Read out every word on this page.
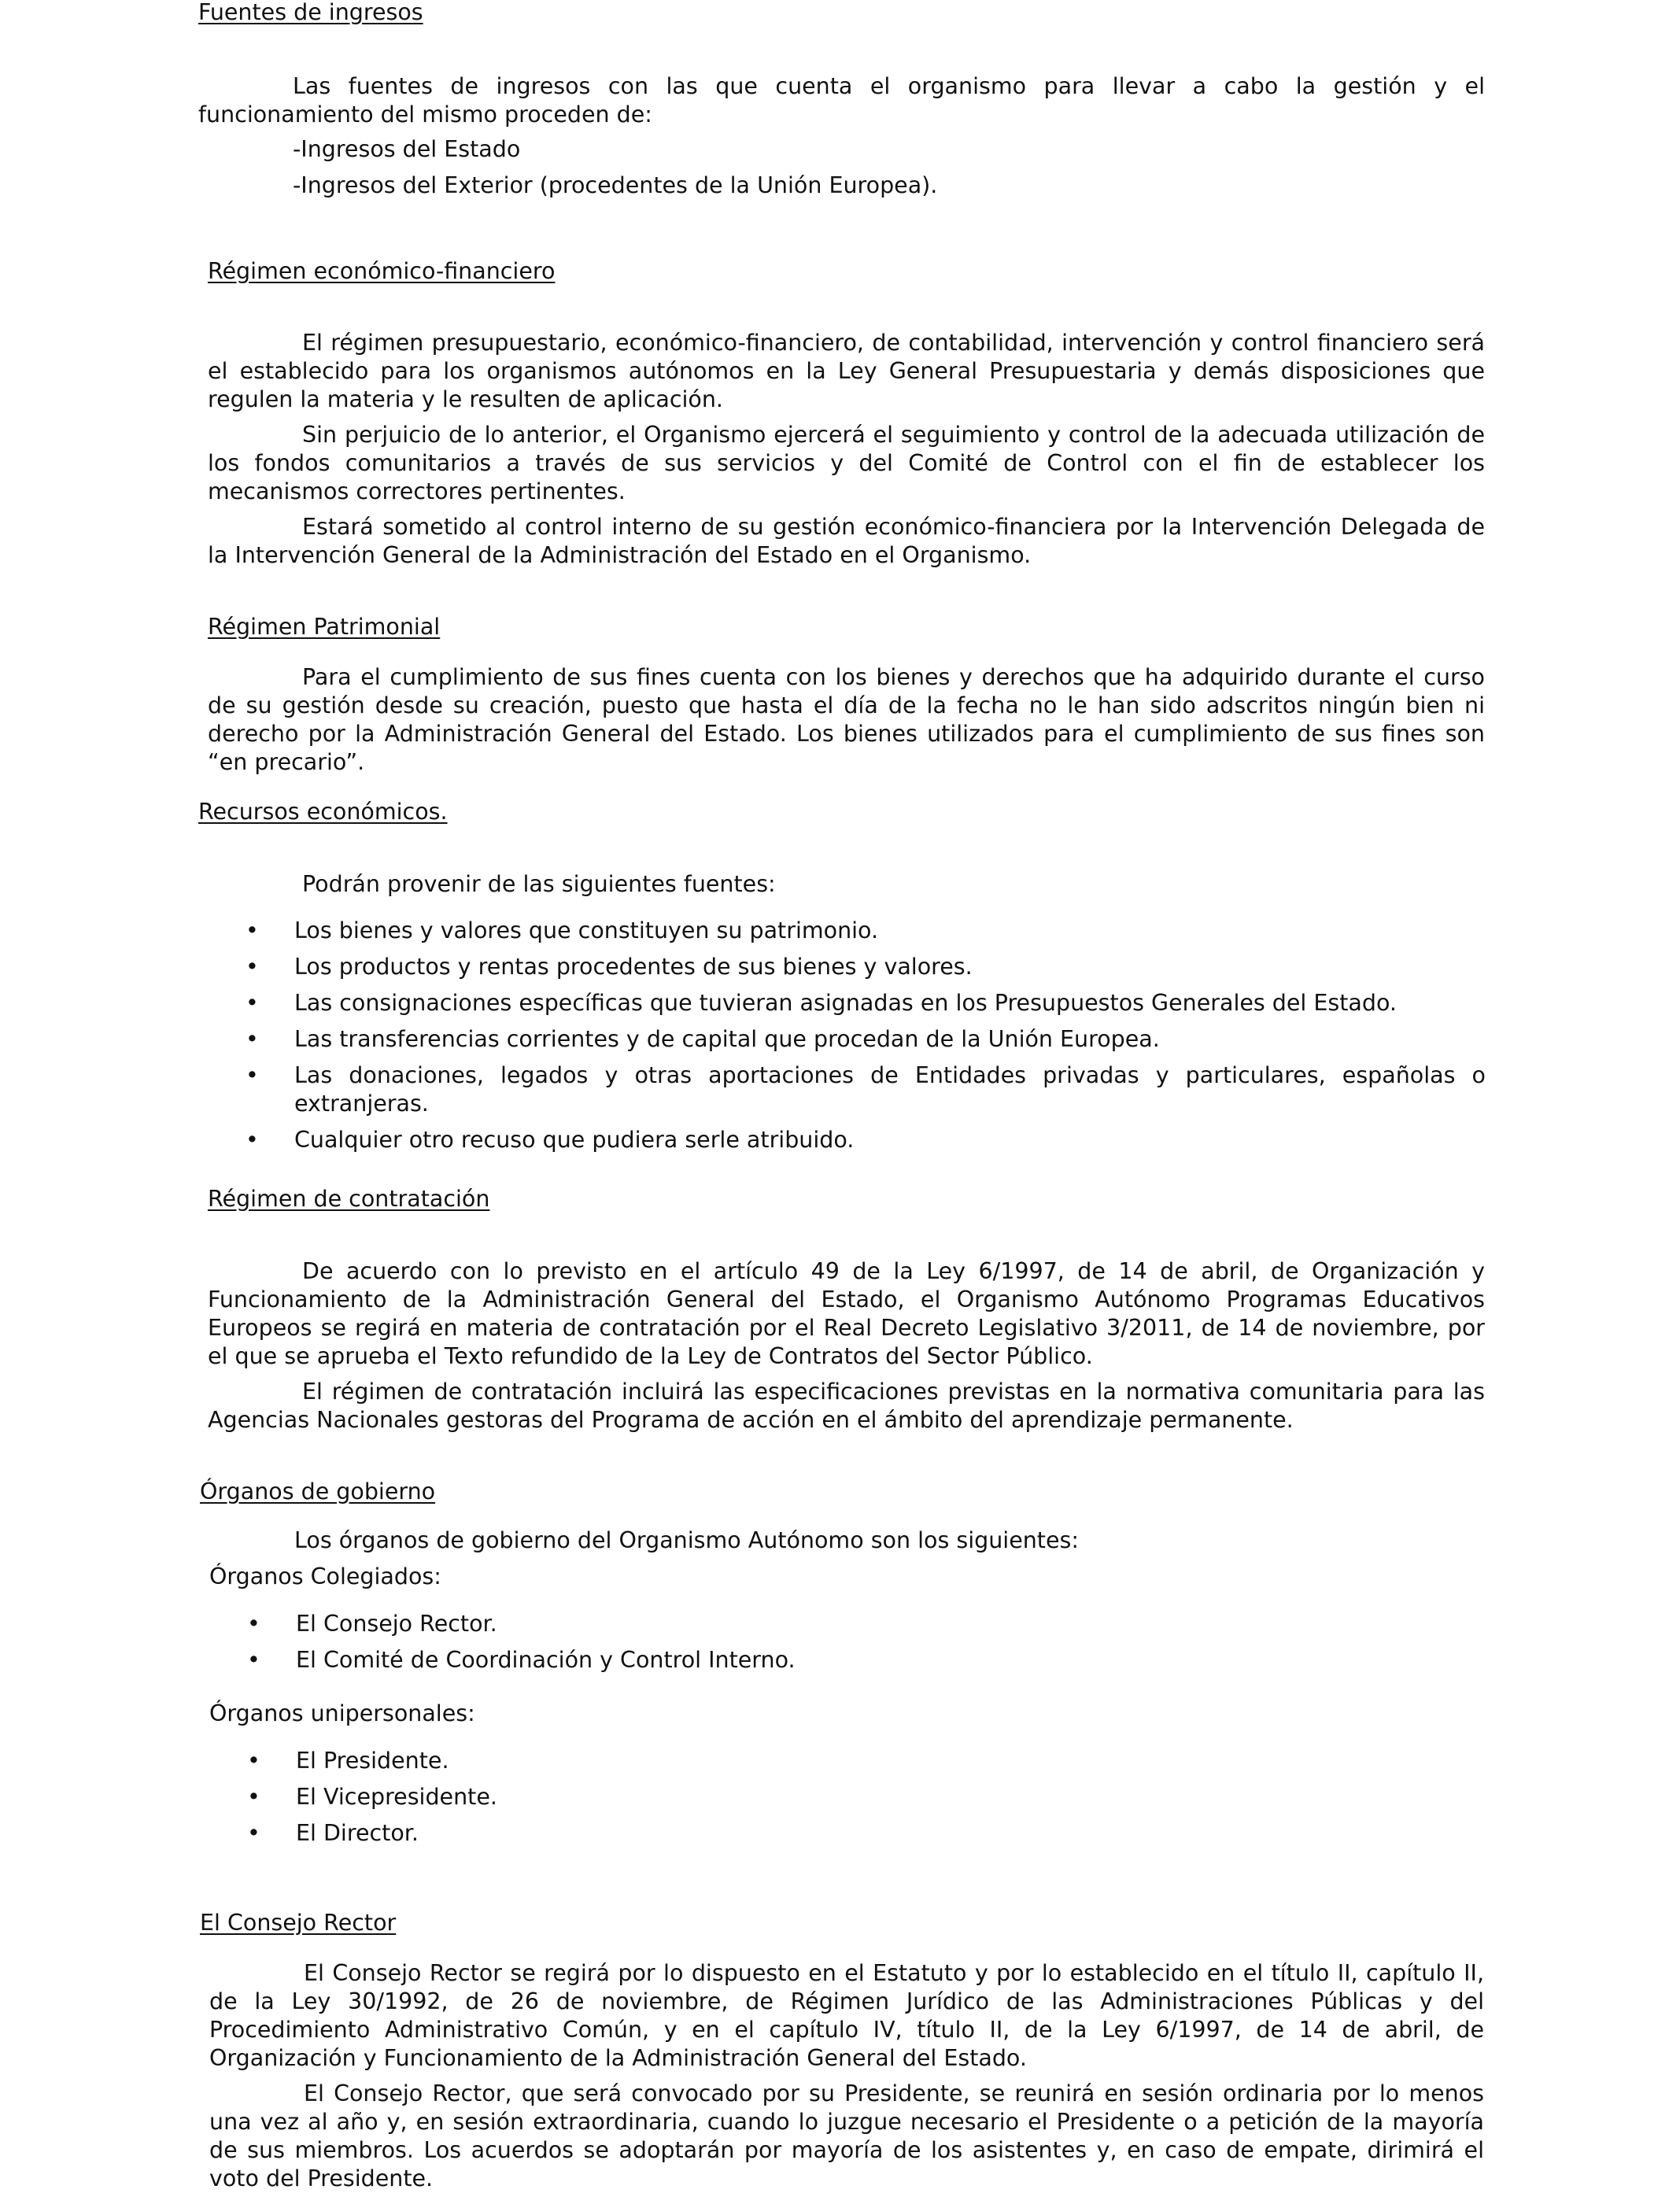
Fuentes de ingresos

Las fuentes de ingresos con las que cuenta el organismo para llevar a cabo la gestión y el funcionamiento del mismo proceden de:

-Ingresos del Estado
-Ingresos del Exterior (procedentes de la Unión Europea).
Régimen económico-financiero

El régimen presupuestario, económico-financiero, de contabilidad, intervención y control financiero será el establecido para los organismos autónomos en la Ley General Presupuestaria y demás disposiciones que regulen la materia y le resulten de aplicación.

Sin perjuicio de lo anterior, el Organismo ejercerá el seguimiento y control de la adecuada utilización de los fondos comunitarios a través de sus servicios y del Comité de Control con el fin de establecer los mecanismos correctores pertinentes.

Estará sometido al control interno de su gestión económico-financiera por la Intervención Delegada de la Intervención General de la Administración del Estado en el Organismo.

Régimen Patrimonial

Para el cumplimiento de sus fines cuenta con los bienes y derechos que ha adquirido durante el curso de su gestión desde su creación, puesto que hasta el día de la fecha no le han sido adscritos ningún bien ni derecho por la Administración General del Estado. Los bienes utilizados para el cumplimiento de sus fines son “en precario”.

Recursos económicos.
Podrán provenir de las siguientes fuentes:
• Los bienes y valores que constituyen su patrimonio.
• Los productos y rentas procedentes de sus bienes y valores.
• Las consignaciones específicas que tuvieran asignadas en los Presupuestos Generales del Estado.
• Las transferencias corrientes y de capital que procedan de la Unión Europea.
• Las donaciones, legados y otras aportaciones de Entidades privadas y particulares, españolas o extranjeras.
• Cualquier otro recuso que pudiera serle atribuido.
Régimen de contratación

De acuerdo con lo previsto en el artículo 49 de la Ley 6/1997, de 14 de abril, de Organización y Funcionamiento de la Administración General del Estado, el Organismo Autónomo Programas Educativos Europeos se regirá en materia de contratación por el Real Decreto Legislativo 3/2011, de 14 de noviembre, por el que se aprueba el Texto refundido de la Ley de Contratos del Sector Público.

El régimen de contratación incluirá las especificaciones previstas en la normativa comunitaria para las Agencias Nacionales gestoras del Programa de acción en el ámbito del aprendizaje permanente.

Órganos de gobierno
Los órganos de gobierno del Organismo Autónomo son los siguientes:
Órganos Colegiados:
• El Consejo Rector.
• El Comité de Coordinación y Control Interno.
Órganos unipersonales:
• El Presidente.
• El Vicepresidente.
• El Director.
El Consejo Rector

El Consejo Rector se regirá por lo dispuesto en el Estatuto y por lo establecido en el título II, capítulo II, de la Ley 30/1992, de 26 de noviembre, de Régimen Jurídico de las Administraciones Públicas y del Procedimiento Administrativo Común, y en el capítulo IV, título II, de la Ley 6/1997, de 14 de abril, de Organización y Funcionamiento de la Administración General del Estado.

El Consejo Rector, que será convocado por su Presidente, se reunirá en sesión ordinaria por lo menos una vez al año y, en sesión extraordinaria, cuando lo juzgue necesario el Presidente o a petición de la mayoría de sus miembros. Los acuerdos se adoptarán por mayoría de los asistentes y, en caso de empate, dirimirá el voto del Presidente.
